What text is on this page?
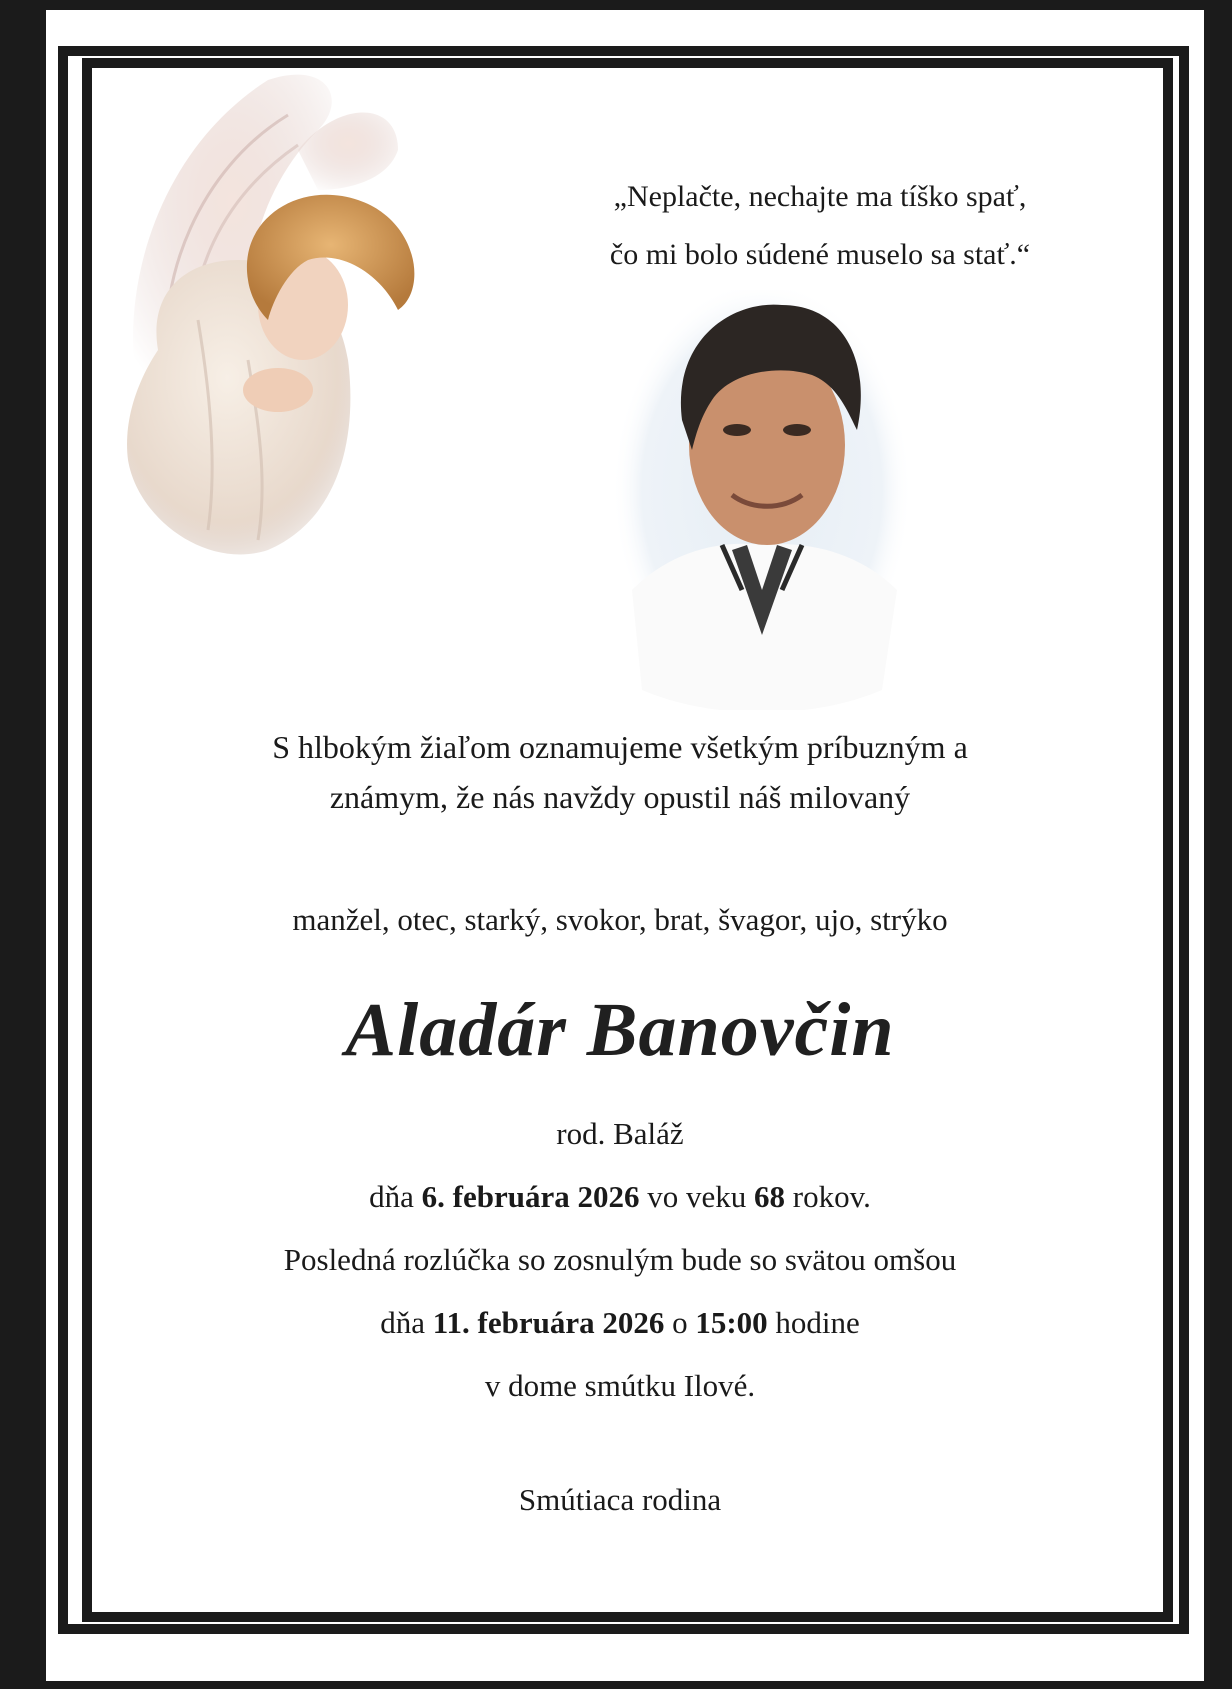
„Neplačte, nechajte ma tíško spať,
čo mi bolo súdené muselo sa stať.“
S hlbokým žiaľom oznamujeme všetkým príbuzným a
známym, že nás navždy opustil náš milovaný
manžel, otec, starký, svokor, brat, švagor, ujo, strýko
Aladár Banovčin
rod. Baláž
dňa 6. februára 2026 vo veku 68 rokov.
Posledná rozlúčka so zosnulým bude so svätou omšou
dňa 11. februára 2026 o 15:00 hodine
v dome smútku Ilové.
Smútiaca rodina
